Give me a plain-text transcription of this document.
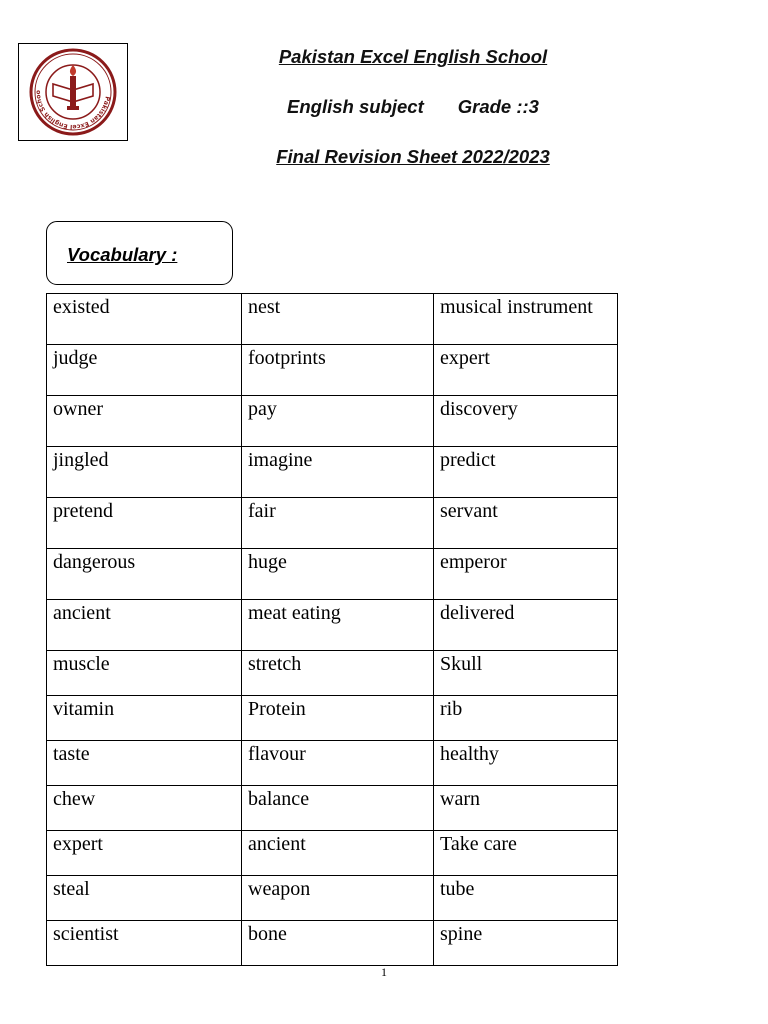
Pakistan Excel English Schoo
Pakistan Excel English School
English subject Grade ::3
Final Revision Sheet 2022/2023
Vocabulary :
existed	nest	musical instrument
judge	footprints	expert
owner	pay	discovery
jingled	imagine	predict
pretend	fair	servant
dangerous	huge	emperor
ancient	meat eating	delivered
muscle	stretch	Skull
vitamin	Protein	rib
taste	flavour	healthy
chew	balance	warn
expert	ancient	Take care
steal	weapon	tube
scientist	bone	spine
1
